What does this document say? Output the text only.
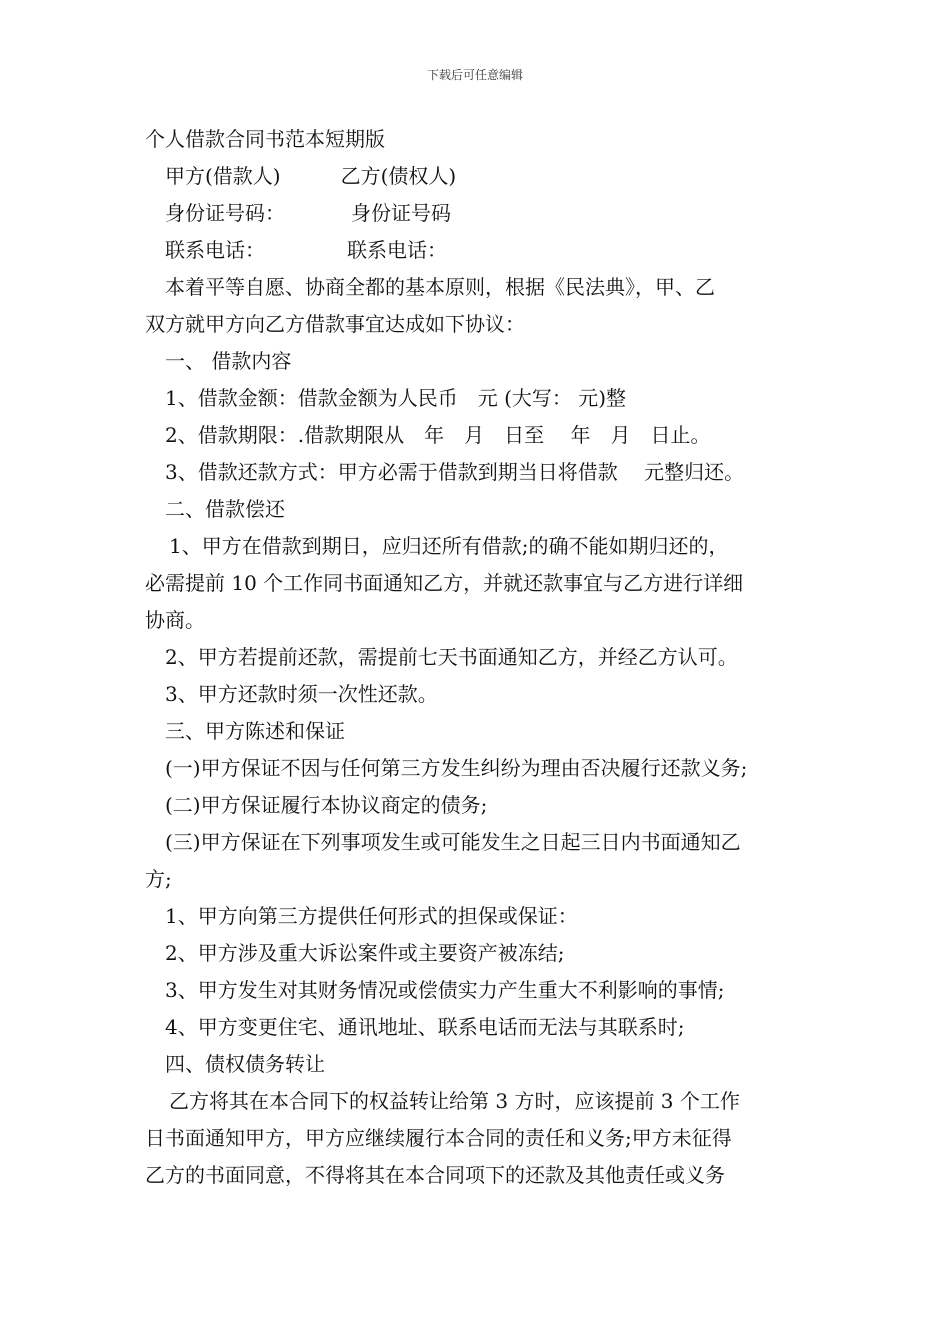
下载后可任意编辑
个人借款合同书范本短期版
甲方(借款人)	乙方(债权人)
身份证号码：	身份证号码
联系电话：	联系电话：
本着平等自愿、协商全都的基本原则，根据《民法典》，甲、乙
双方就甲方向乙方借款事宜达成如下协议：
一、 借款内容
1、借款金额：借款金额为人民币　元 (大写： 元)整
2、借款期限：.借款期限从　年　月　日至　 年　月　日止。
3、借款还款方式：甲方必需于借款到期当日将借款　 元整归还。
二、借款偿还
1、甲方在借款到期日，应归还所有借款;的确不能如期归还的，
必需提前 10 个工作同书面通知乙方，并就还款事宜与乙方进行详细
协商。
2、甲方若提前还款，需提前七天书面通知乙方，并经乙方认可。
3、甲方还款时须一次性还款。
三、甲方陈述和保证
(一)甲方保证不因与任何第三方发生纠纷为理由否决履行还款义务;
(二)甲方保证履行本协议商定的债务;
(三)甲方保证在下列事项发生或可能发生之日起三日内书面通知乙
方;
1、甲方向第三方提供任何形式的担保或保证：
2、甲方涉及重大诉讼案件或主要资产被冻结;
3、甲方发生对其财务情况或偿债实力产生重大不利影响的事情;
4、甲方变更住宅、通讯地址、联系电话而无法与其联系时;
四、债权债务转让
乙方将其在本合同下的权益转让给第 3 方时，应该提前 3 个工作
日书面通知甲方，甲方应继续履行本合同的责任和义务;甲方未征得
乙方的书面同意，不得将其在本合同项下的还款及其他责任或义务
